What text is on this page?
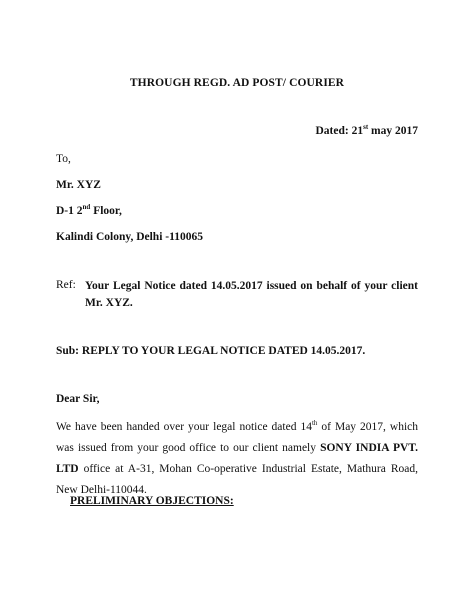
THROUGH REGD. AD POST/ COURIER
Dated: 21st may 2017
To,
Mr. XYZ
D-1 2nd Floor,
Kalindi Colony, Delhi -110065
Ref: Your Legal Notice dated 14.05.2017 issued on behalf of your client Mr. XYZ.
Sub: REPLY TO YOUR LEGAL NOTICE DATED 14.05.2017.
Dear Sir,
We have been handed over your legal notice dated 14th of May 2017, which was issued from your good office to our client namely SONY INDIA PVT. LTD office at A-31, Mohan Co-operative Industrial Estate, Mathura Road, New Delhi-110044.
PRELIMINARY OBJECTIONS:
